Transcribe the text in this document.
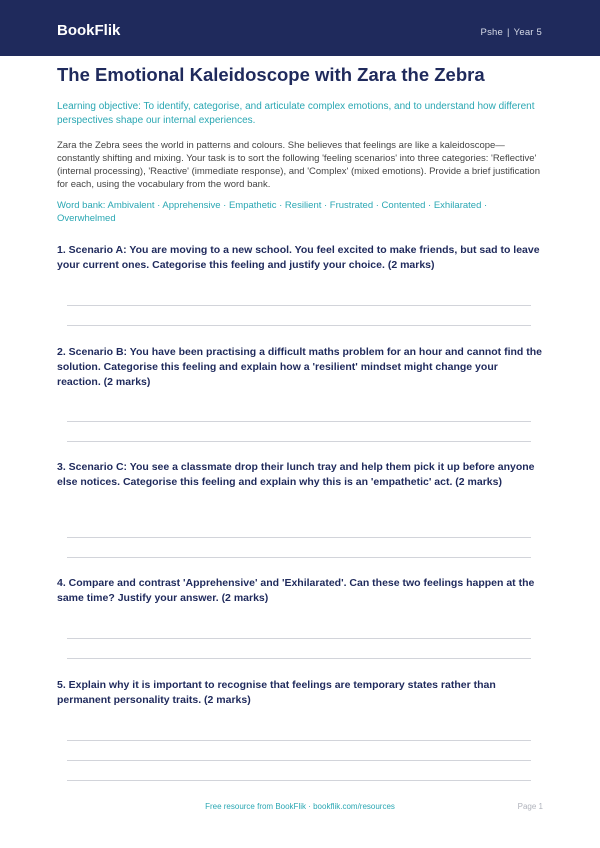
BookFlik	Pshe | Year 5
The Emotional Kaleidoscope with Zara the Zebra
Learning objective: To identify, categorise, and articulate complex emotions, and to understand how different perspectives shape our internal experiences.
Zara the Zebra sees the world in patterns and colours. She believes that feelings are like a kaleidoscope—constantly shifting and mixing. Your task is to sort the following 'feeling scenarios' into three categories: 'Reflective' (internal processing), 'Reactive' (immediate response), and 'Complex' (mixed emotions). Provide a brief justification for each, using the vocabulary from the word bank.
Word bank: Ambivalent · Apprehensive · Empathetic · Resilient · Frustrated · Contented · Exhilarated · Overwhelmed
1. Scenario A: You are moving to a new school. You feel excited to make friends, but sad to leave your current ones. Categorise this feeling and justify your choice. (2 marks)
2. Scenario B: You have been practising a difficult maths problem for an hour and cannot find the solution. Categorise this feeling and explain how a 'resilient' mindset might change your reaction. (2 marks)
3. Scenario C: You see a classmate drop their lunch tray and help them pick it up before anyone else notices. Categorise this feeling and explain why this is an 'empathetic' act. (2 marks)
4. Compare and contrast 'Apprehensive' and 'Exhilarated'. Can these two feelings happen at the same time? Justify your answer. (2 marks)
5. Explain why it is important to recognise that feelings are temporary states rather than permanent personality traits. (2 marks)
Free resource from BookFlik · bookflik.com/resources	Page 1
